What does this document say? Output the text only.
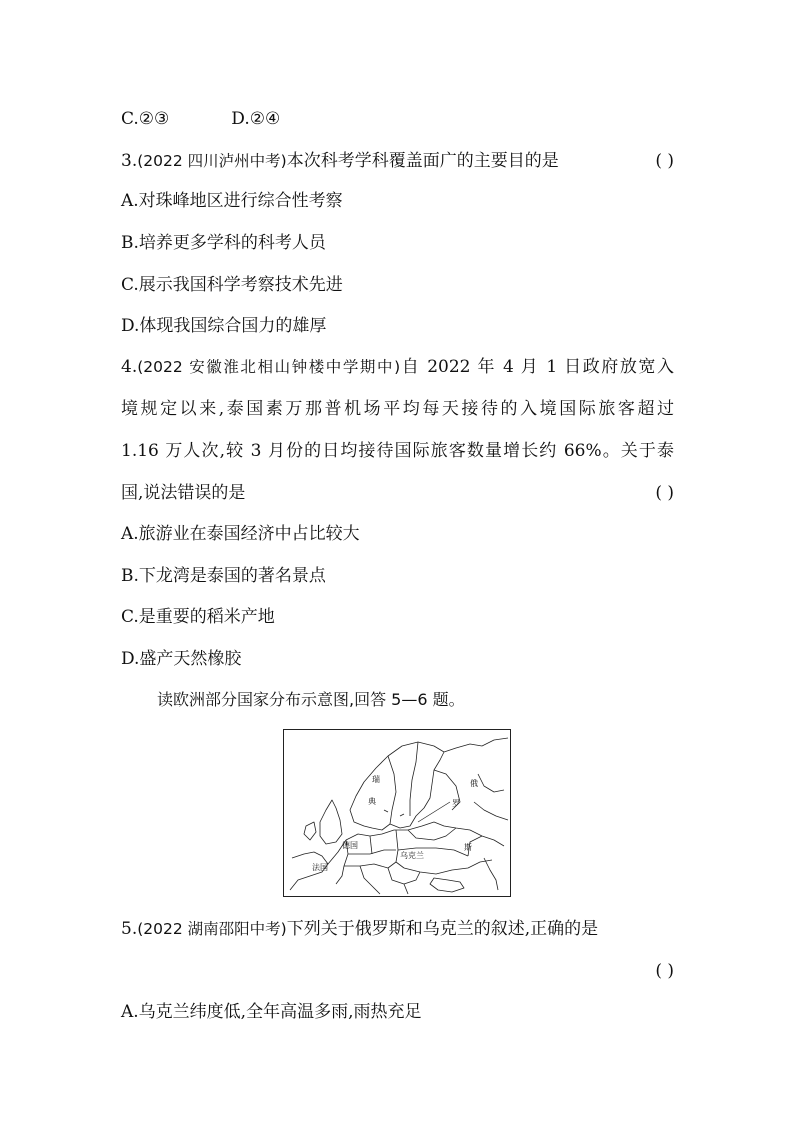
C.②③	D.②④
3.(2022 四川泸州中考)本次科考学科覆盖面广的主要目的是	( )
A.对珠峰地区进行综合性考察
B.培养更多学科的科考人员
C.展示我国科学考察技术先进
D.体现我国综合国力的雄厚
4.(2022 安徽淮北相山钟楼中学期中)自 2022 年 4 月 1 日政府放宽入
境规定以来,泰国素万那普机场平均每天接待的入境国际旅客超过
1.16 万人次,较 3 月份的日均接待国际旅客数量增长约 66%。关于泰
国,说法错误的是	( )
A.旅游业在泰国经济中占比较大
B.下龙湾是泰国的著名景点
C.是重要的稻米产地
D.盛产天然橡胶
读欧洲部分国家分布示意图,回答 5—6 题。
瑞
典
俄
罗
斯
德国
乌克兰
法国
5.(2022 湖南邵阳中考)下列关于俄罗斯和乌克兰的叙述,正确的是
( )
A.乌克兰纬度低,全年高温多雨,雨热充足
